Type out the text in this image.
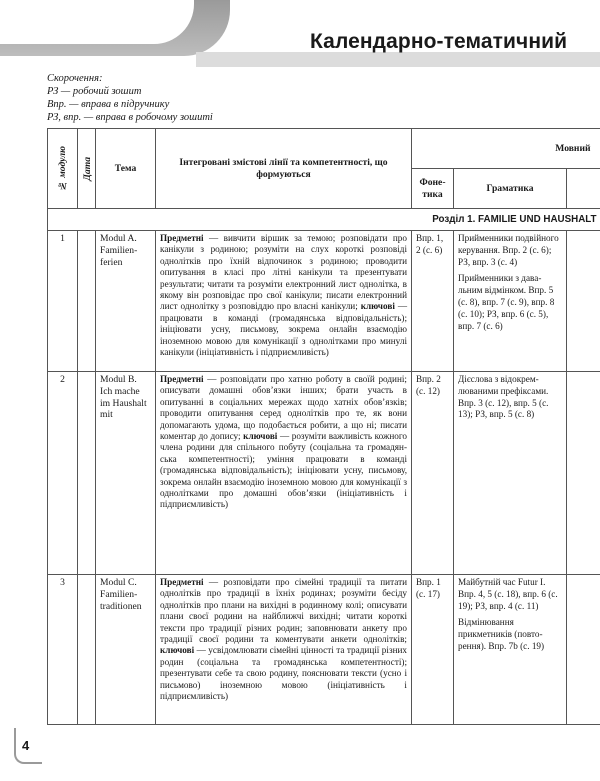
Календарно-тематичний
Скорочення:
РЗ — робочий зошит
Впр. — вправа в підручнику
РЗ, впр. — вправа в робочому зошиті
№ модулю	Дата	Тема	Інтегровані змістові лінії та компетентності, що формуються	Мовний		
				Фонетика	Граматика	
Розділ 1. FAMILIE UND HAUSHALT						
1		Modul A. Familienferien	Предметні — вивчити віршик за темою; розповідати про канікули з родиною; розуміти на слух короткі розповіді однолітків про їхній відпочинок з родиною; проводити опитування в класі про літні канікули та презентувати результати; читати та розуміти електронний лист однолітка, в якому він розповідає про свої канікули; писати електронний лист однолітку з розповіддю про власні канікули; ключові — працювати в команді (громадянська відповідальність); ініціювати усну, письмову, зокрема онлайн взаємодію іноземною мовою для комунікації з однолітками про минулі канікули (ініціативність і підприємливість)	Впр. 1, 2 (с. 6)	Прийменники подвійного керування. Впр. 2 (с. 6); РЗ, впр. 3 (с. 4)

Прийменники з давальним відмінком. Впр. 5 (с. 8), впр. 7 (с. 9), впр. 8 (с. 10); РЗ, впр. 6 (с. 5), впр. 7 (с. 6)	

2		Modul B. Ich mache im Haushalt mit	Предметні — розповідати про хатню роботу в своїй родині; описувати домашні обов’язки інших; брати участь в опитуванні в соціальних мережах щодо хатніх обов’язків; проводити опитування серед однолітків про те, як вони допомагають удома, що подобається робити, а що ні; писати коментар до допису; ключові — розуміти важливість кожного члена родини для спільного побуту (соціальна та громадянська компетентності); уміння працювати в команді (громадянська відповідальність); ініціювати усну, письмову, зокрема онлайн взаємодію іноземною мовою для комунікації з однолітками про домашні обов’язки (ініціативність і підприємливість)	Впр. 2 (с. 12)	Дієслова з відокремлюваними префіксами. Впр. 3 (с. 12), впр. 5 (с. 13); РЗ, впр. 5 (с. 8)	

3		Modul C. Familientraditionen	Предметні — розповідати про сімейні традиції та питати однолітків про традиції в їхніх родинах; розуміти бесіду однолітків про плани на вихідні в родинному колі; описувати плани своєї родини на найближчі вихідні; читати короткі тексти про традиції різних родин; заповнювати анкету про традиції своєї родини та коментувати анкети однолітків; ключові — усвідомлювати сімейні цінності та традиції різних родин (соціальна та громадянська компетентності); презентувати себе та свою родину, пояснювати тексти (усно і письмово) іноземною мовою (ініціативність і підприємливість)	Впр. 1 (с. 17)	Майбутній час Futur I. Впр. 4, 5 (с. 18), впр. 6 (с. 19); РЗ, впр. 4 (с. 11)

Відмінювання прикметників (повторення). Впр. 7b (с. 19)	

4
